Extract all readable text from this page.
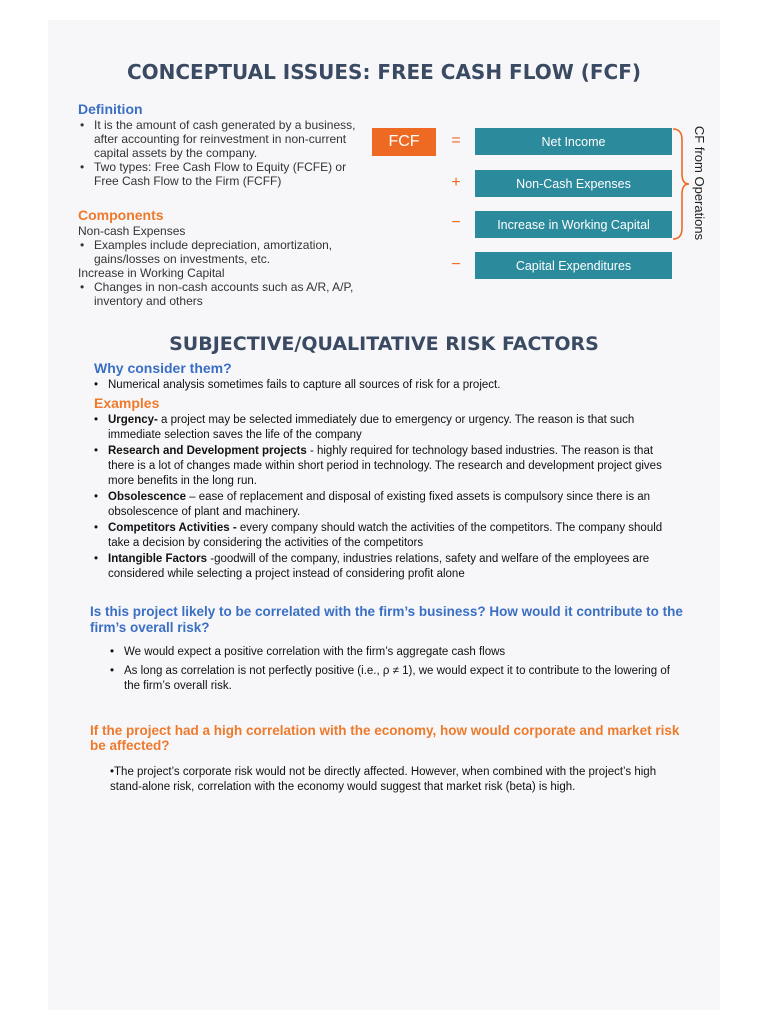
CONCEPTUAL ISSUES: FREE CASH FLOW (FCF)
Definition
• It is the amount of cash generated by a business, after accounting for reinvestment in non-current capital assets by the company.
• Two types: Free Cash Flow to Equity (FCFE) or Free Cash Flow to the Firm (FCFF)
Components
Non-cash Expenses
• Examples include depreciation, amortization, gains/losses on investments, etc.
Increase in Working Capital
• Changes in non-cash accounts such as A/R, A/P, inventory and others
FCF	=
+
−
−
Net Income
Non-Cash Expenses
Increase in Working Capital
Capital Expenditures
CF from Operations
SUBJECTIVE/QUALITATIVE RISK FACTORS
Why consider them?
• Numerical analysis sometimes fails to capture all sources of risk for a project.
Examples
• Urgency- a project may be selected immediately due to emergency or urgency. The reason is that such immediate selection saves the life of the company
• Research and Development projects - highly required for technology based industries. The reason is that there is a lot of changes made within short period in technology. The research and development project gives more benefits in the long run.
• Obsolescence – ease of replacement and disposal of existing fixed assets is compulsory since there is an obsolescence of plant and machinery.
• Competitors Activities - every company should watch the activities of the competitors. The company should take a decision by considering the activities of the competitors
• Intangible Factors -goodwill of the company, industries relations, safety and welfare of the employees are considered while selecting a project instead of considering profit alone
Is this project likely to be correlated with the firm’s business? How would it contribute to the firm’s overall risk?
• We would expect a positive correlation with the firm’s aggregate cash flows
• As long as correlation is not perfectly positive (i.e., ρ ≠ 1), we would expect it to contribute to the lowering of the firm’s overall risk.
If the project had a high correlation with the economy, how would corporate and market risk be affected?
•The project’s corporate risk would not be directly affected. However, when combined with the project’s high stand-alone risk, correlation with the economy would suggest that market risk (beta) is high.
